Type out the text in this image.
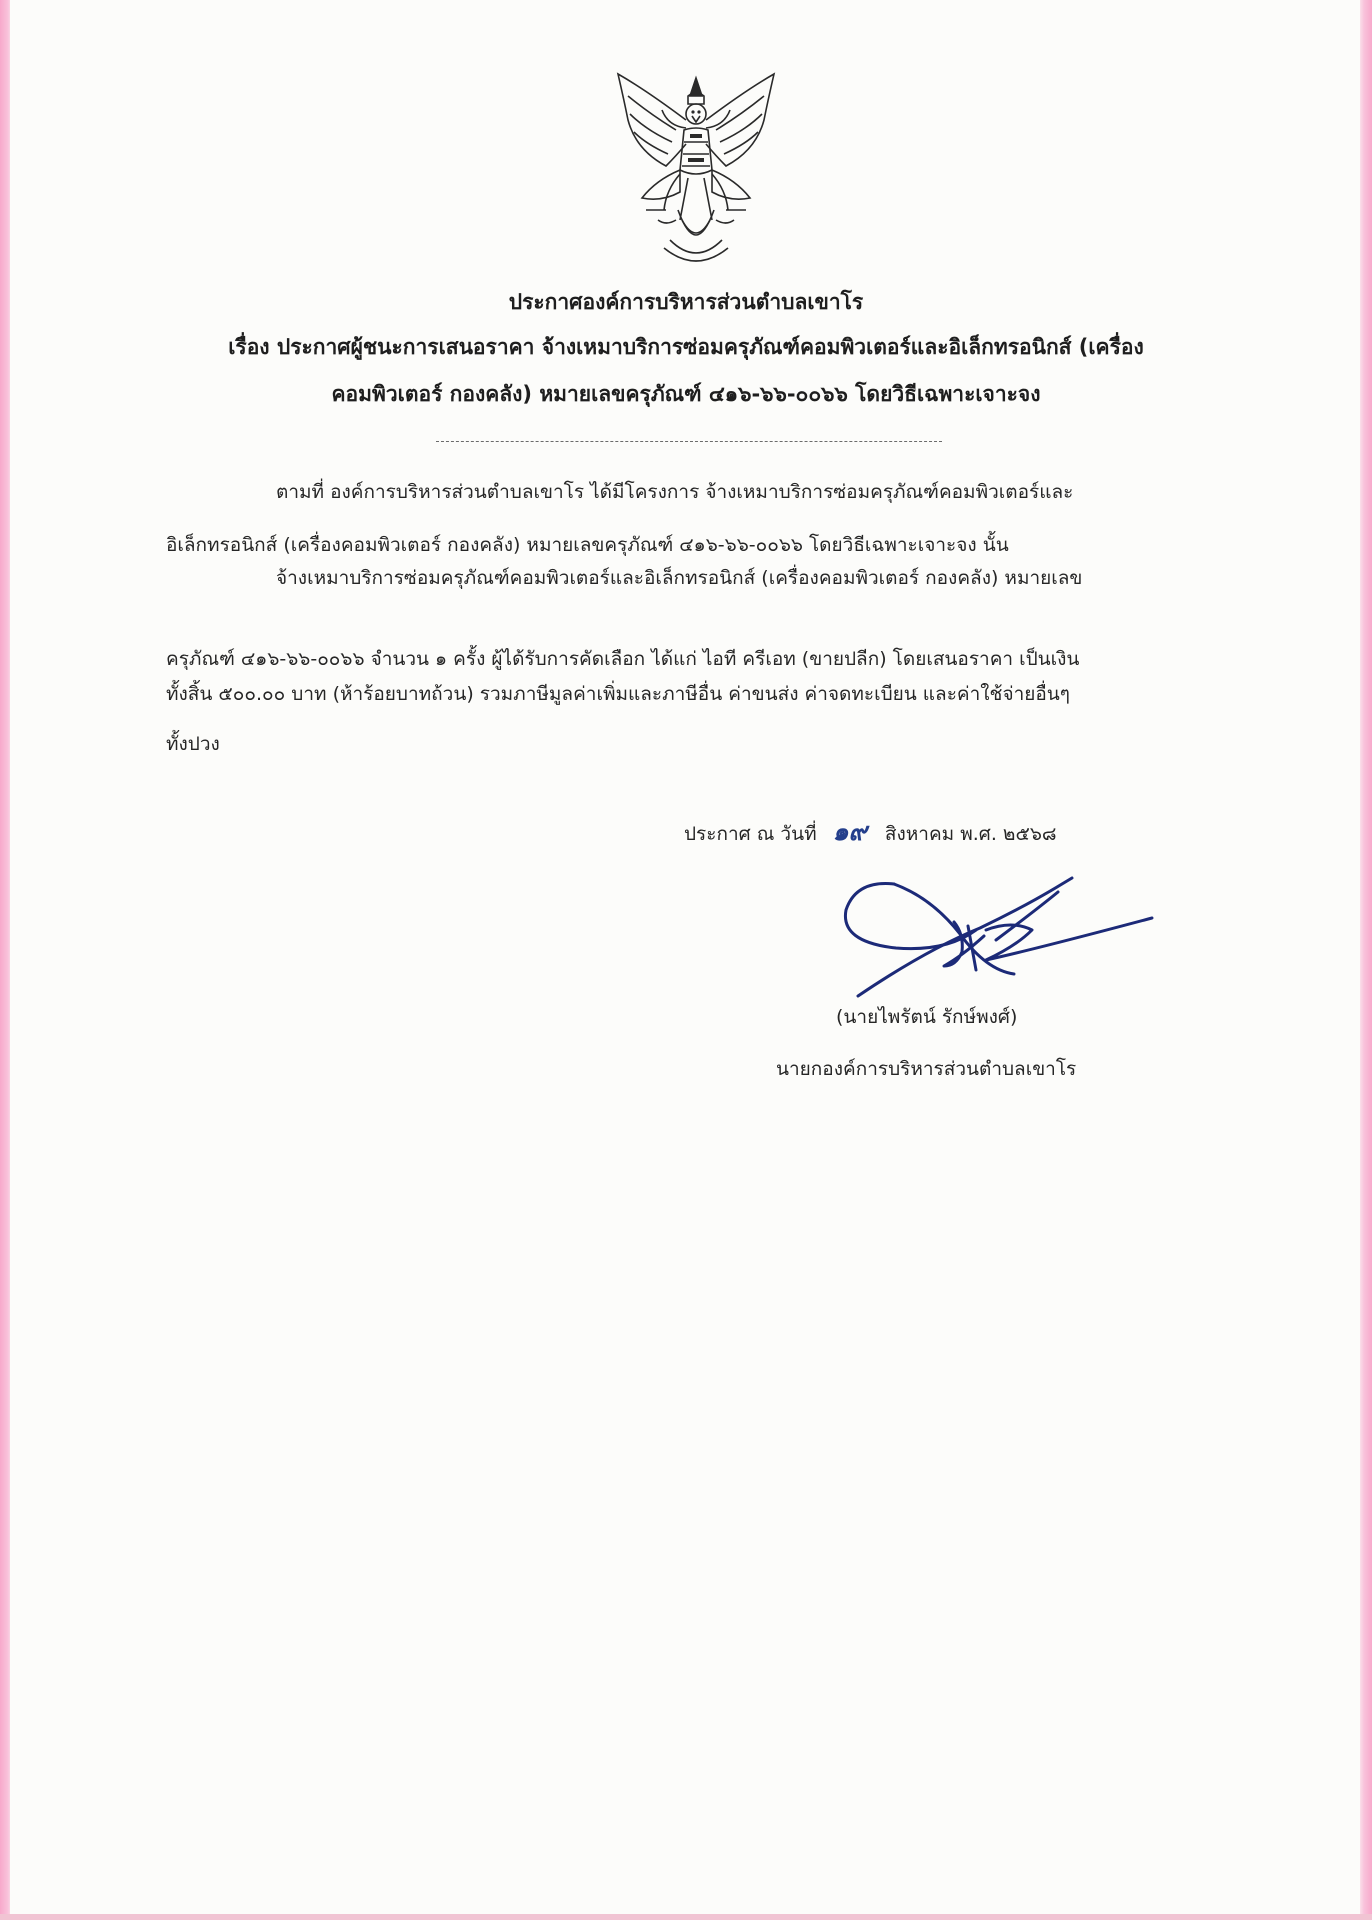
ประกาศองค์การบริหารส่วนตำบลเขาโร
เรื่อง ประกาศผู้ชนะการเสนอราคา จ้างเหมาบริการซ่อมครุภัณฑ์คอมพิวเตอร์และอิเล็กทรอนิกส์ (เครื่อง
คอมพิวเตอร์ กองคลัง) หมายเลขครุภัณฑ์ ๔๑๖-๖๖-๐๐๖๖ โดยวิธีเฉพาะเจาะจง
ตามที่ องค์การบริหารส่วนตำบลเขาโร ได้มีโครงการ จ้างเหมาบริการซ่อมครุภัณฑ์คอมพิวเตอร์และ
อิเล็กทรอนิกส์ (เครื่องคอมพิวเตอร์ กองคลัง) หมายเลขครุภัณฑ์ ๔๑๖-๖๖-๐๐๖๖ โดยวิธีเฉพาะเจาะจง นั้น
จ้างเหมาบริการซ่อมครุภัณฑ์คอมพิวเตอร์และอิเล็กทรอนิกส์ (เครื่องคอมพิวเตอร์ กองคลัง) หมายเลข
ครุภัณฑ์ ๔๑๖-๖๖-๐๐๖๖ จำนวน ๑ ครั้ง ผู้ได้รับการคัดเลือก ได้แก่ ไอที ครีเอท (ขายปลีก) โดยเสนอราคา เป็นเงิน
ทั้งสิ้น ๕๐๐.๐๐ บาท (ห้าร้อยบาทถ้วน) รวมภาษีมูลค่าเพิ่มและภาษีอื่น ค่าขนส่ง ค่าจดทะเบียน และค่าใช้จ่ายอื่นๆ
ทั้งปวง
ประกาศ ณ วันที่ ๑๙ สิงหาคม พ.ศ. ๒๕๖๘
(นายไพรัตน์ รักษ์พงศ์)
นายกองค์การบริหารส่วนตำบลเขาโร
